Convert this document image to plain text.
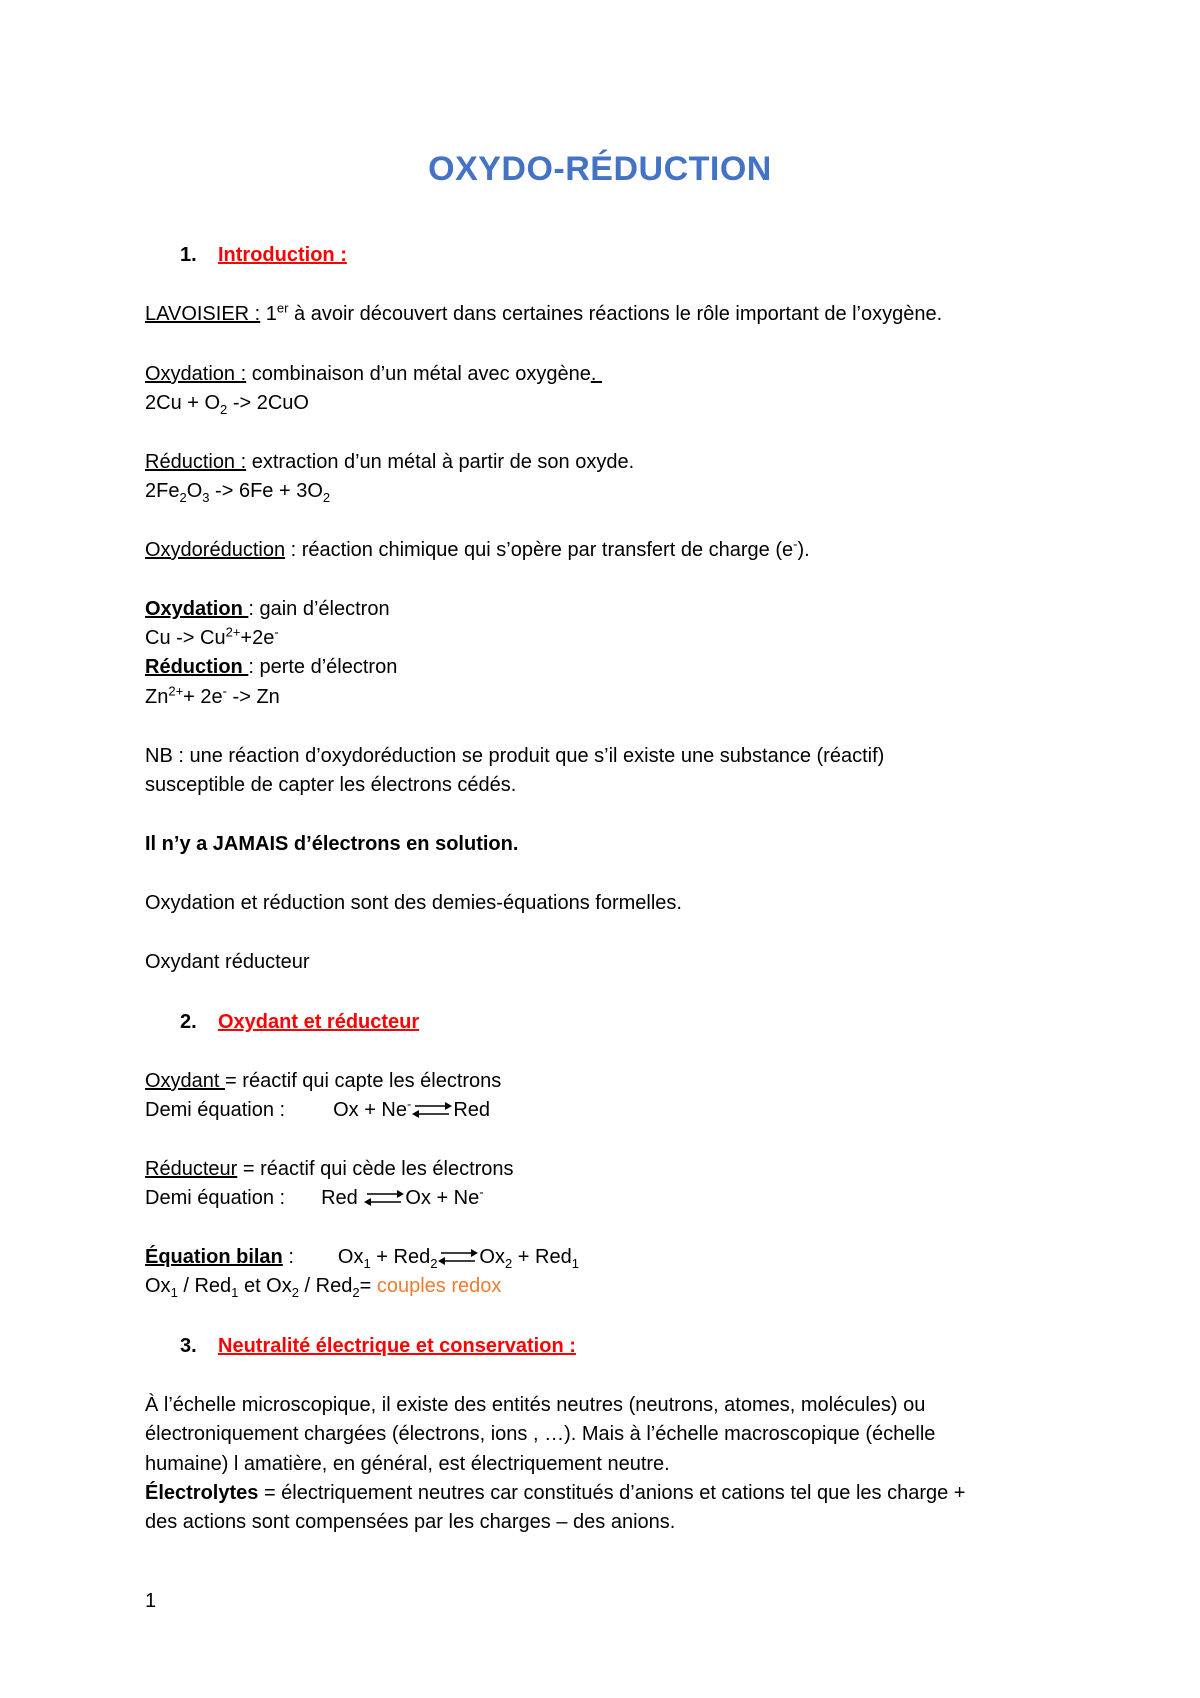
OXYDO-RÉDUCTION
1. Introduction :
LAVOISIER : 1er à avoir découvert dans certaines réactions le rôle important de l’oxygène.
Oxydation : combinaison d’un métal avec oxygène.
$2Cu + O_2 -> 2CuO$
Réduction : extraction d’un métal à partir de son oxyde.
$2Fe_2O_3 -> 6Fe + 3O_2$
Oxydoréduction : réaction chimique qui s’opère par transfert de charge (e-).
Oxydation : gain d’électron
$Cu -> Cu^{2+}+2e^-$
Réduction : perte d’électron
$Zn^{2+}+ 2e^- -> Zn$
NB : une réaction d’oxydoréduction se produit que s’il existe une substance (réactif)
susceptible de capter les électrons cédés.
Il n’y a JAMAIS d’électrons en solution.
Oxydation et réduction sont des demies-équations formelles.
Oxydant réducteur
2. Oxydant et réducteur
Oxydant = réactif qui capte les électrons
Demi équation : Ox + Ne-⇌Red
Réducteur = réactif qui cède les électrons
Demi équation : Red ⇌Ox + Ne-
Équation bilan : $Ox_1$ + $Red_2\rightleftharpoons Ox_2 + Red_1$
$Ox_1 / Red_1$ et $Ox_2 / Red_2=$ couples redox
3. Neutralité électrique et conservation :
À l’échelle microscopique, il existe des entités neutres (neutrons, atomes, molécules) ou
électroniquement chargées (électrons, ions , …). Mais à l’échelle macroscopique (échelle
humaine) l amatière, en général, est électriquement neutre.
Électrolytes = électriquement neutres car constitués d’anions et cations tel que les charge +
des actions sont compensées par les charges – des anions.
1
